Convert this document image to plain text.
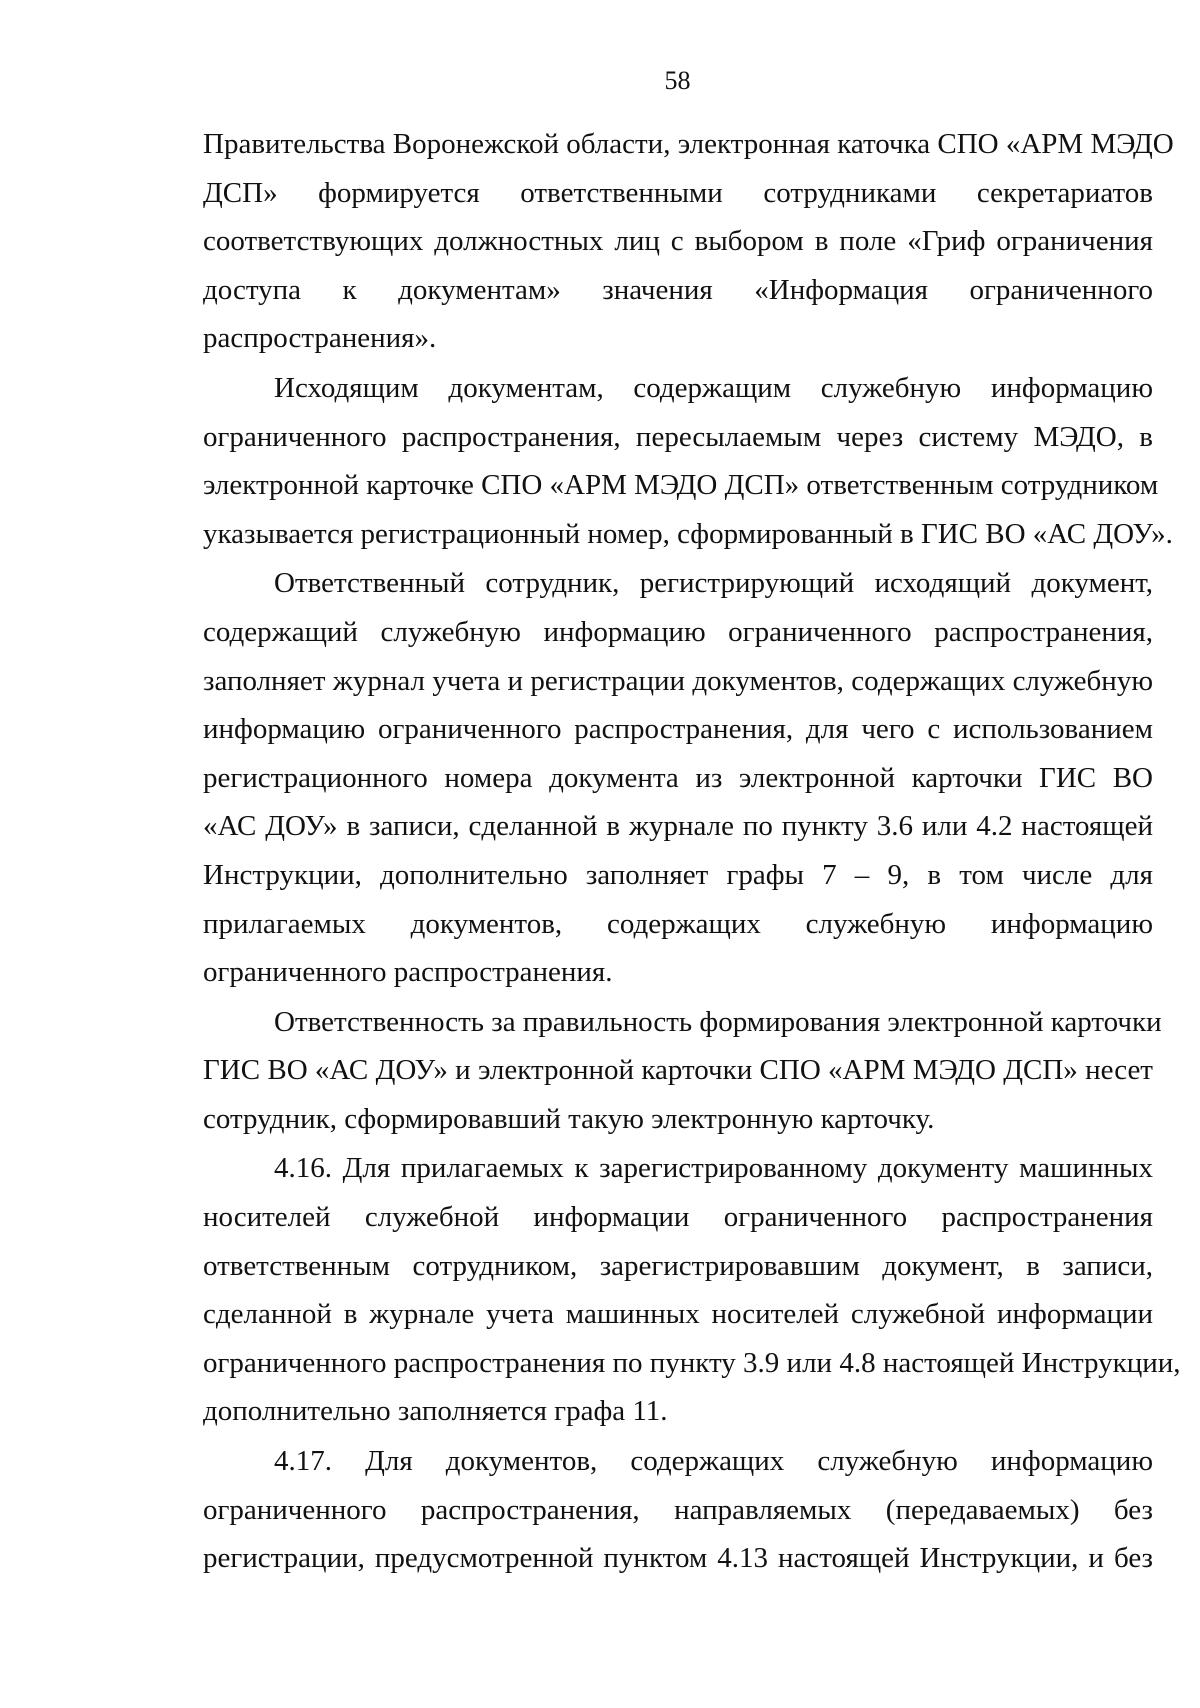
58

Правительства Воронежской области, электронная каточка СПО «АРМ МЭДО
ДСП» формируется ответственными сотрудниками секретариатов
соответствующих должностных лиц с выбором в поле «Гриф ограничения
доступа к документам» значения «Информация ограниченного
распространения».

Исходящим документам, содержащим служебную информацию
ограниченного распространения, пересылаемым через систему МЭДО, в
электронной карточке СПО «АРМ МЭДО ДСП» ответственным сотрудником
указывается регистрационный номер, сформированный в ГИС ВО «АС ДОУ».

Ответственный сотрудник, регистрирующий исходящий документ,
содержащий служебную информацию ограниченного распространения,
заполняет журнал учета и регистрации документов, содержащих служебную
информацию ограниченного распространения, для чего с использованием
регистрационного номера документа из электронной карточки ГИС ВО
«АС ДОУ» в записи, сделанной в журнале по пункту 3.6 или 4.2 настоящей
Инструкции, дополнительно заполняет графы 7 – 9, в том числе для
прилагаемых документов, содержащих служебную информацию
ограниченного распространения.

Ответственность за правильность формирования электронной карточки
ГИС ВО «АС ДОУ» и электронной карточки СПО «АРМ МЭДО ДСП» несет
сотрудник, сформировавший такую электронную карточку.

4.16. Для прилагаемых к зарегистрированному документу машинных
носителей служебной информации ограниченного распространения
ответственным сотрудником, зарегистрировавшим документ, в записи,
сделанной в журнале учета машинных носителей служебной информации
ограниченного распространения по пункту 3.9 или 4.8 настоящей Инструкции,
дополнительно заполняется графа 11.

4.17. Для документов, содержащих служебную информацию
ограниченного распространения, направляемых (передаваемых) без
регистрации, предусмотренной пунктом 4.13 настоящей Инструкции, и без
